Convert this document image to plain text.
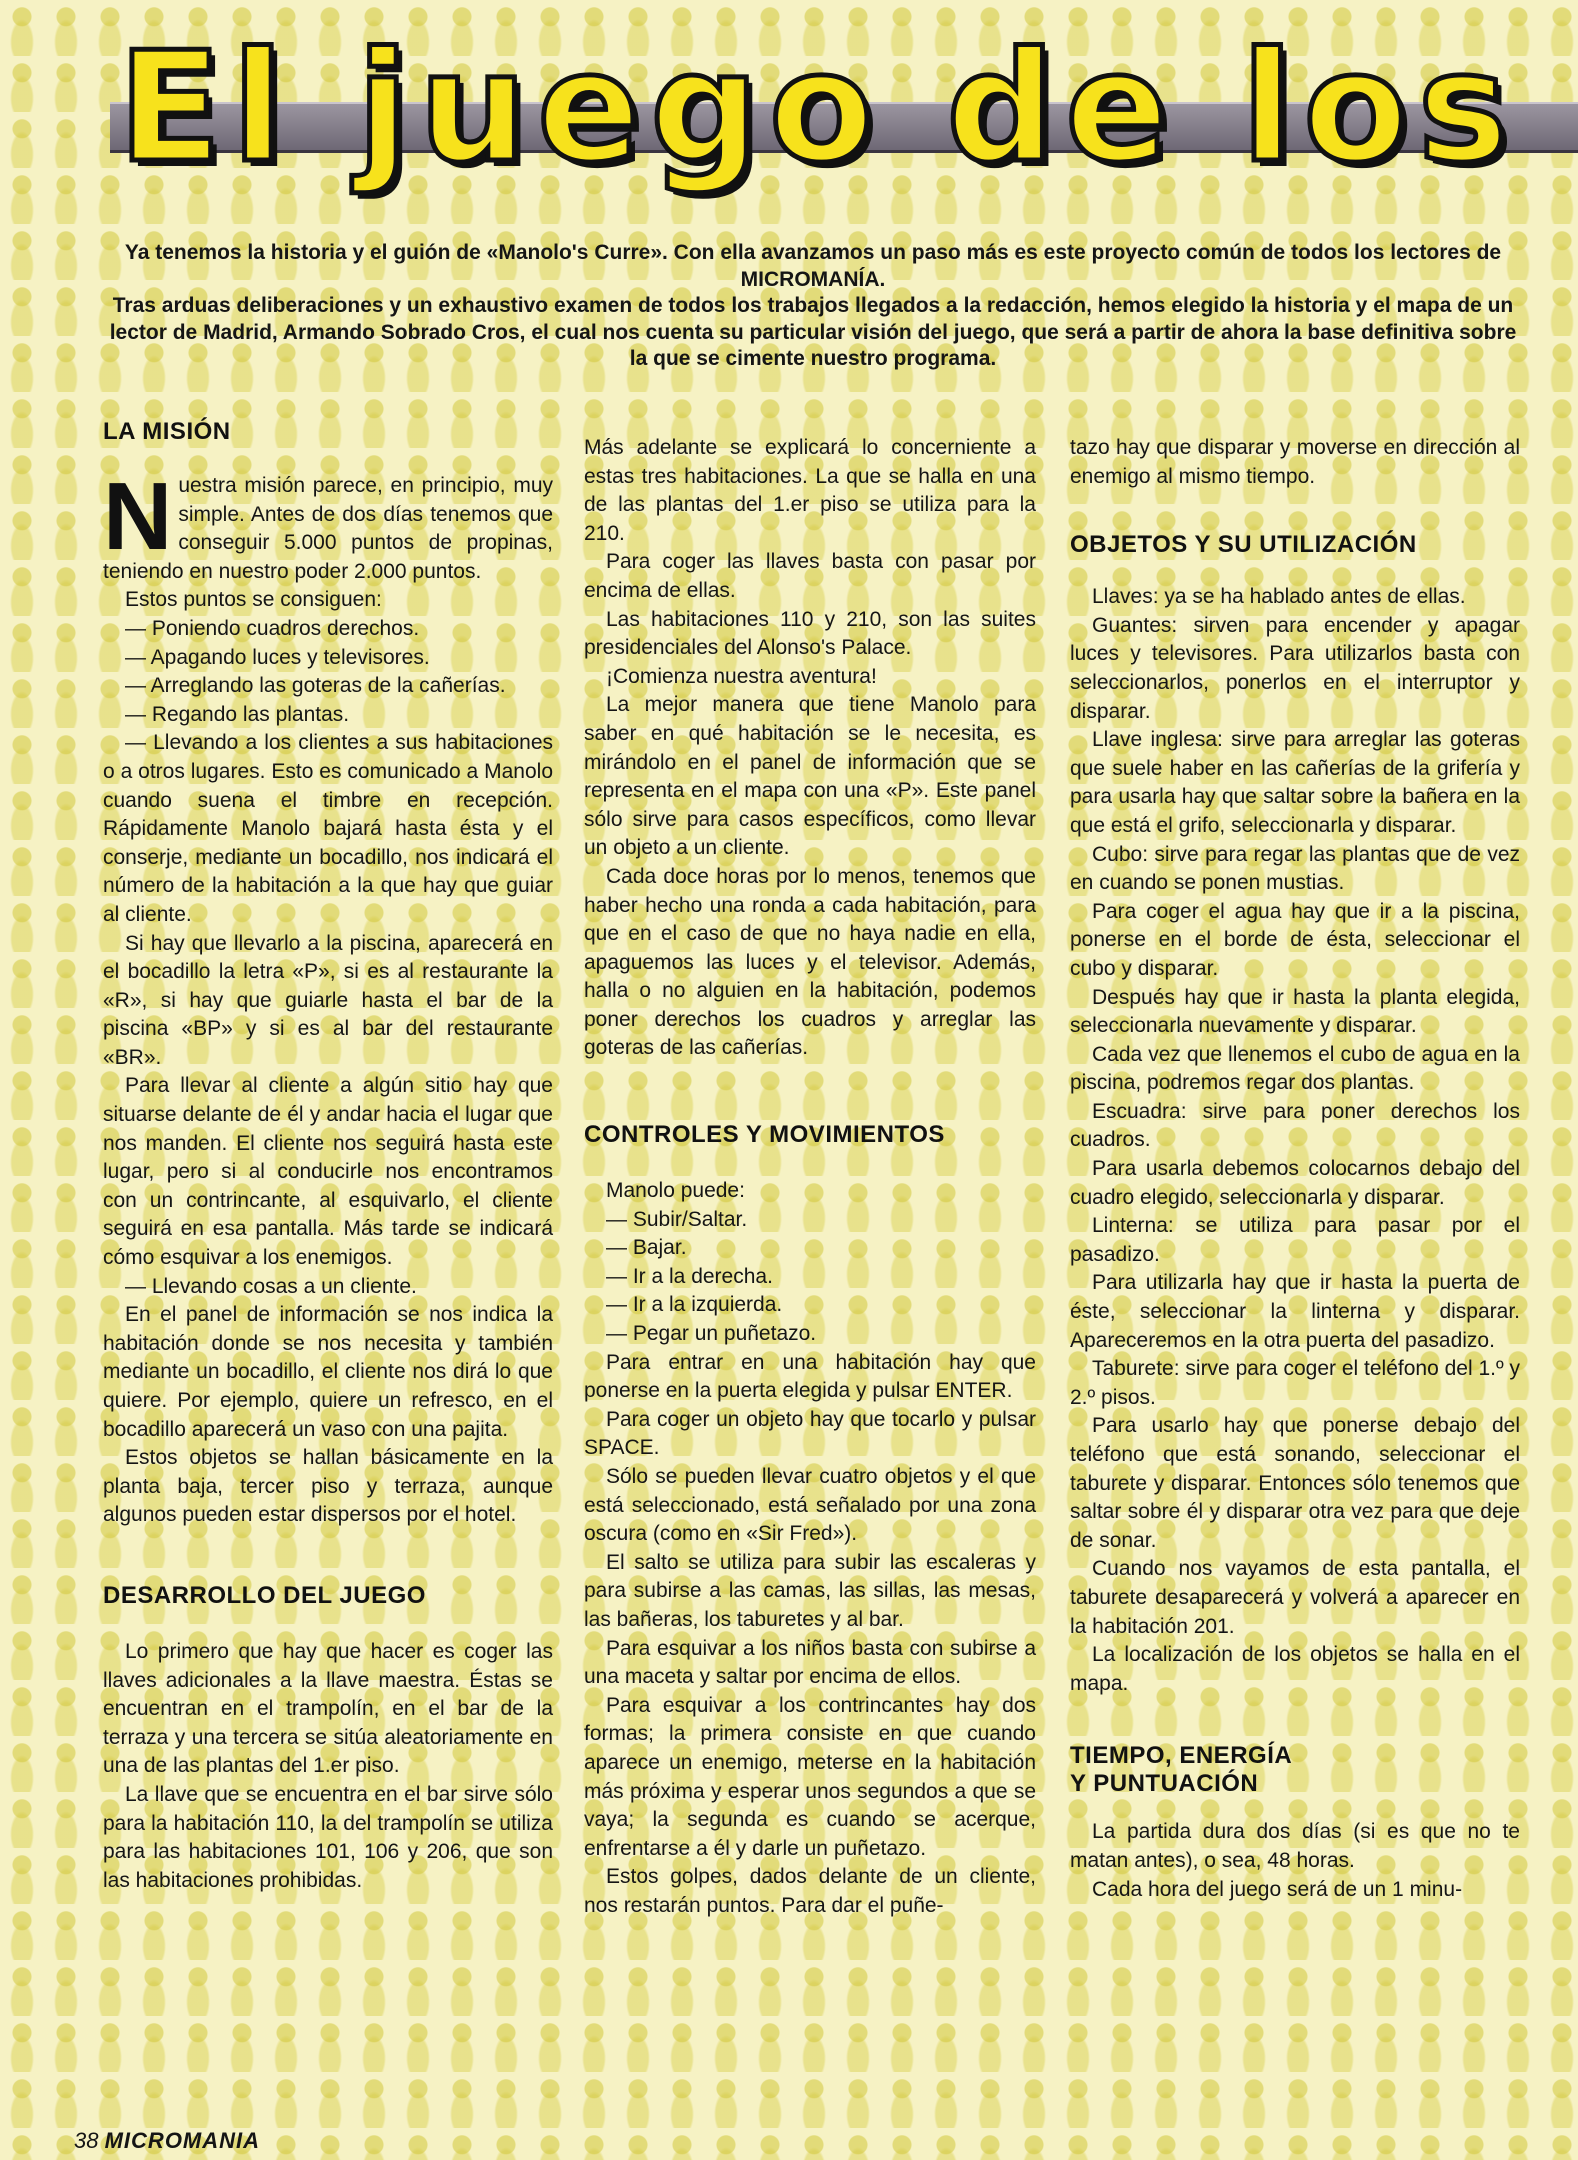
El juego de los

Ya tenemos la historia y el guión de «Manolo's Curre». Con ella avanzamos un paso más es este proyecto común de todos los lectores de MICROMANÍA.

Tras arduas deliberaciones y un exhaustivo examen de todos los trabajos llegados a la redacción, hemos elegido la historia y el mapa de un lector de Madrid, Armando Sobrado Cros, el cual nos cuenta su particular visión del juego, que será a partir de ahora la base definitiva sobre la que se cimente nuestro programa.

LA MISIÓN

Nuestra misión parece, en principio, muy simple. Antes de dos días tenemos que conseguir 5.000 puntos de propinas, teniendo en nuestro poder 2.000 puntos.

Estos puntos se consiguen:

— Poniendo cuadros derechos.

— Apagando luces y televisores.

— Arreglando las goteras de la cañerías.

— Regando las plantas.

— Llevando a los clientes a sus habitaciones o a otros lugares. Esto es comunicado a Manolo cuando suena el timbre en recepción. Rápidamente Manolo bajará hasta ésta y el conserje, mediante un bocadillo, nos indicará el número de la habitación a la que hay que guiar al cliente.

Si hay que llevarlo a la piscina, aparecerá en el bocadillo la letra «P», si es al restaurante la «R», si hay que guiarle hasta el bar de la piscina «BP» y si es al bar del restaurante «BR».

Para llevar al cliente a algún sitio hay que situarse delante de él y andar hacia el lugar que nos manden. El cliente nos seguirá hasta este lugar, pero si al conducirle nos encontramos con un contrincante, al esquivarlo, el cliente seguirá en esa pantalla. Más tarde se indicará cómo esquivar a los enemigos.

— Llevando cosas a un cliente.

En el panel de información se nos indica la habitación donde se nos necesita y también mediante un bocadillo, el cliente nos dirá lo que quiere. Por ejemplo, quiere un refresco, en el bocadillo aparecerá un vaso con una pajita.

Estos objetos se hallan básicamente en la planta baja, tercer piso y terraza, aunque algunos pueden estar dispersos por el hotel.

DESARROLLO DEL JUEGO

Lo primero que hay que hacer es coger las llaves adicionales a la llave maestra. Éstas se encuentran en el trampolín, en el bar de la terraza y una tercera se sitúa aleatoriamente en una de las plantas del 1.er piso.

La llave que se encuentra en el bar sirve sólo para la habitación 110, la del trampolín se utiliza para las habitaciones 101, 106 y 206, que son las habitaciones prohibidas.

Más adelante se explicará lo concerniente a estas tres habitaciones. La que se halla en una de las plantas del 1.er piso se utiliza para la 210.

Para coger las llaves basta con pasar por encima de ellas.

Las habitaciones 110 y 210, son las suites presidenciales del Alonso's Palace.

¡Comienza nuestra aventura!

La mejor manera que tiene Manolo para saber en qué habitación se le necesita, es mirándolo en el panel de información que se representa en el mapa con una «P». Este panel sólo sirve para casos específicos, como llevar un objeto a un cliente.

Cada doce horas por lo menos, tenemos que haber hecho una ronda a cada habitación, para que en el caso de que no haya nadie en ella, apaguemos las luces y el televisor. Además, halla o no alguien en la habitación, podemos poner derechos los cuadros y arreglar las goteras de las cañerías.

CONTROLES Y MOVIMIENTOS

Manolo puede:

— Subir/Saltar.

— Bajar.

— Ir a la derecha.

— Ir a la izquierda.

— Pegar un puñetazo.

Para entrar en una habitación hay que ponerse en la puerta elegida y pulsar ENTER.

Para coger un objeto hay que tocarlo y pulsar SPACE.

Sólo se pueden llevar cuatro objetos y el que está seleccionado, está señalado por una zona oscura (como en «Sir Fred»).

El salto se utiliza para subir las escaleras y para subirse a las camas, las sillas, las mesas, las bañeras, los taburetes y al bar.

Para esquivar a los niños basta con subirse a una maceta y saltar por encima de ellos.

Para esquivar a los contrincantes hay dos formas; la primera consiste en que cuando aparece un enemigo, meterse en la habitación más próxima y esperar unos segundos a que se vaya; la segunda es cuando se acerque, enfrentarse a él y darle un puñetazo.

Estos golpes, dados delante de un cliente, nos restarán puntos. Para dar el puñe-

tazo hay que disparar y moverse en dirección al enemigo al mismo tiempo.

OBJETOS Y SU UTILIZACIÓN

Llaves: ya se ha hablado antes de ellas.

Guantes: sirven para encender y apagar luces y televisores. Para utilizarlos basta con seleccionarlos, ponerlos en el interruptor y disparar.

Llave inglesa: sirve para arreglar las goteras que suele haber en las cañerías de la grifería y para usarla hay que saltar sobre la bañera en la que está el grifo, seleccionarla y disparar.

Cubo: sirve para regar las plantas que de vez en cuando se ponen mustias.

Para coger el agua hay que ir a la piscina, ponerse en el borde de ésta, seleccionar el cubo y disparar.

Después hay que ir hasta la planta elegida, seleccionarla nuevamente y disparar.

Cada vez que llenemos el cubo de agua en la piscina, podremos regar dos plantas.

Escuadra: sirve para poner derechos los cuadros.

Para usarla debemos colocarnos debajo del cuadro elegido, seleccionarla y disparar.

Linterna: se utiliza para pasar por el pasadizo.

Para utilizarla hay que ir hasta la puerta de éste, seleccionar la linterna y disparar. Apareceremos en la otra puerta del pasadizo.

Taburete: sirve para coger el teléfono del 1.º y 2.º pisos.

Para usarlo hay que ponerse debajo del teléfono que está sonando, seleccionar el taburete y disparar. Entonces sólo tenemos que saltar sobre él y disparar otra vez para que deje de sonar.

Cuando nos vayamos de esta pantalla, el taburete desaparecerá y volverá a aparecer en la habitación 201.

La localización de los objetos se halla en el mapa.

TIEMPO, ENERGÍA
Y PUNTUACIÓN

La partida dura dos días (si es que no te matan antes), o sea, 48 horas.

Cada hora del juego será de un 1 minu-

38 MICROMANIA
